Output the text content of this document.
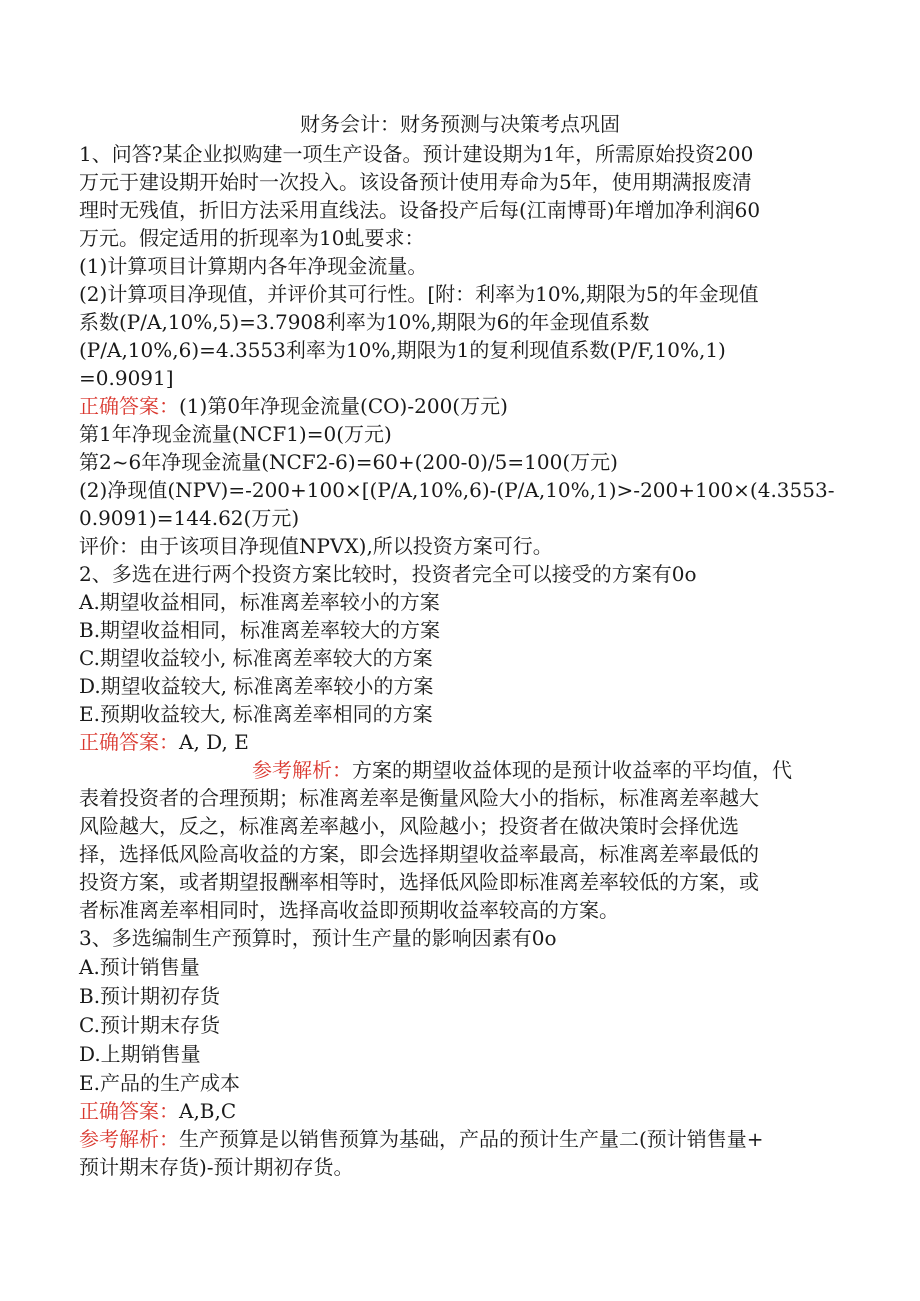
财务会计：财务预测与决策考点巩固
1、问答?某企业拟购建一项生产设备。预计建设期为1年，所需原始投资200
万元于建设期开始时一次投入。该设备预计使用寿命为5年，使用期满报废清
理时无残值，折旧方法采用直线法。设备投产后每(江南博哥)年增加净利润60
万元。假定适用的折现率为10虬要求：
(1)计算项目计算期内各年净现金流量。
(2)计算项目净现值，并评价其可行性。[附：利率为10%,期限为5的年金现值
系数(P/A,10%,5)=3.7908利率为10%,期限为6的年金现值系数
(P/A,10%,6)=4.3553利率为10%,期限为1的复利现值系数(P/F,10%,1)
=0.9091]
正确答案：(1)第0年净现金流量(CO)-200(万元)
第1年净现金流量(NCF1)=0(万元)
第2~6年净现金流量(NCF2-6)=60+(200-0)/5=100(万元)
(2)净现值(NPV)=-200+100×[(P/A,10%,6)-(P/A,10%,1)>-200+100×(4.3553-
0.9091)=144.62(万元)
评价：由于该项目净现值NPVX),所以投资方案可行。
2、多选在进行两个投资方案比较时，投资者完全可以接受的方案有0o
A.期望收益相同，标准离差率较小的方案
B.期望收益相同，标准离差率较大的方案
C.期望收益较小, 标准离差率较大的方案
D.期望收益较大, 标准离差率较小的方案
E.预期收益较大, 标准离差率相同的方案
正确答案：A, D, E
参考解析：方案的期望收益体现的是预计收益率的平均值，代
表着投资者的合理预期；标准离差率是衡量风险大小的指标，标准离差率越大
风险越大，反之，标准离差率越小，风险越小；投资者在做决策时会择优选
择，选择低风险高收益的方案，即会选择期望收益率最高，标准离差率最低的
投资方案，或者期望报酬率相等时，选择低风险即标准离差率较低的方案，或
者标准离差率相同时，选择高收益即预期收益率较高的方案。
3、多选编制生产预算时，预计生产量的影响因素有0o
A.预计销售量
B.预计期初存货
C.预计期末存货
D.上期销售量
E.产品的生产成本
正确答案：A,B,C
参考解析：生产预算是以销售预算为基础，产品的预计生产量二(预计销售量+
预计期末存货)-预计期初存货。
